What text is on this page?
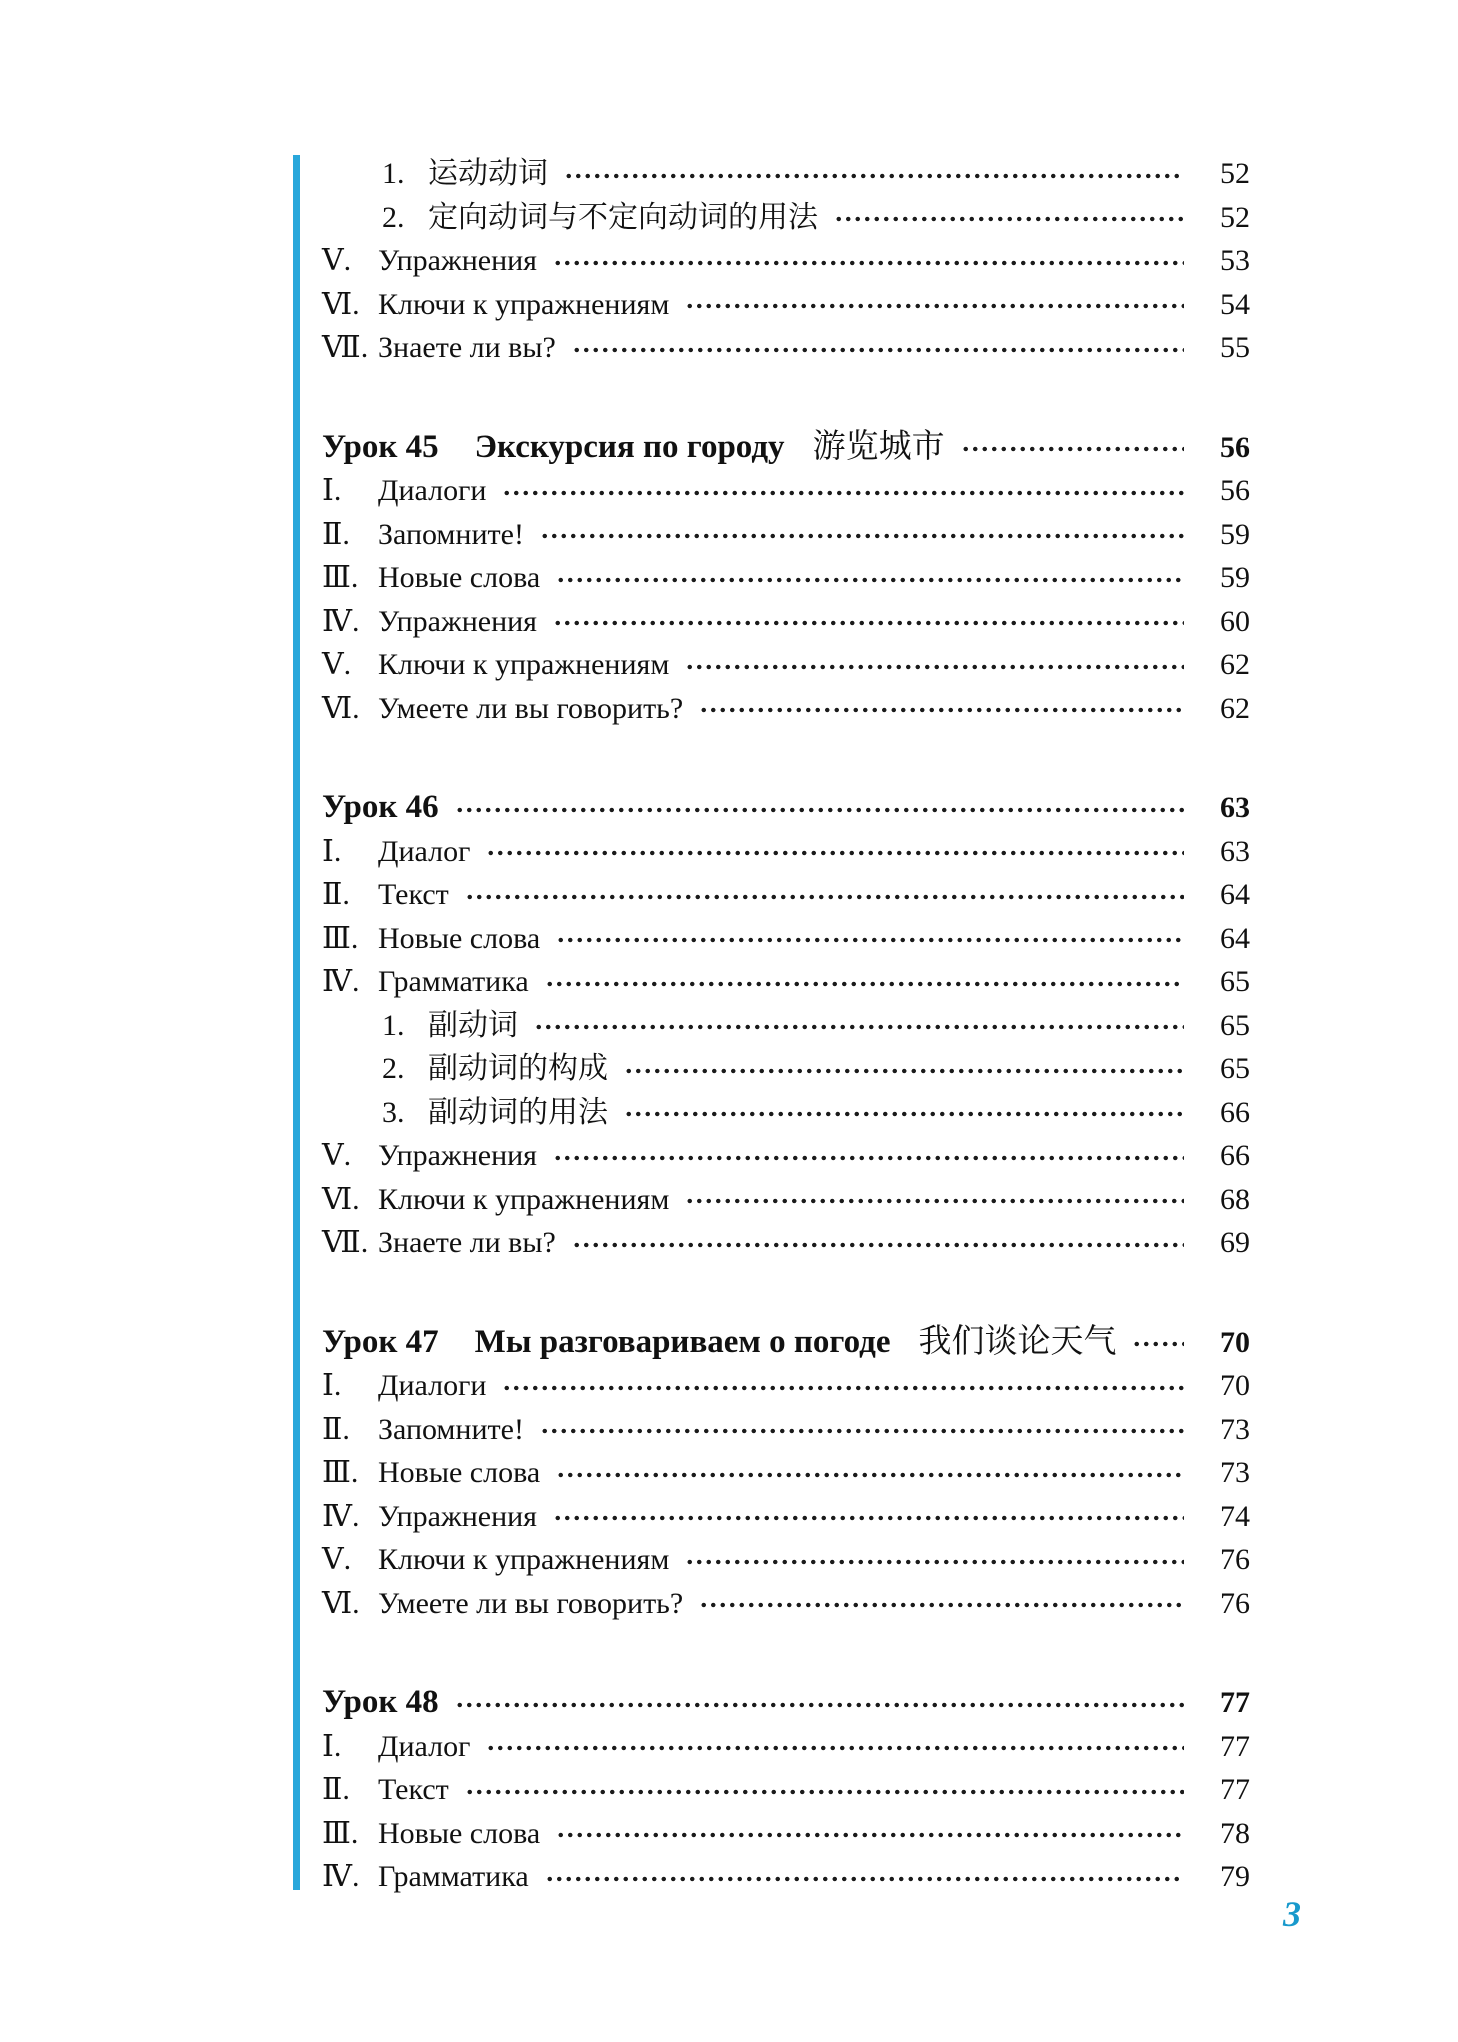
1. 运动动词	52
2. 定向动词与不定向动词的用法	52
Ⅴ. Упражнения	53
Ⅵ. Ключи к упражнениям	54
Ⅶ. Знаете ли вы?	55
Урок 45 Экскурсия по городу 游览城市	56
Ⅰ.	Диалоги	56
Ⅱ. Запомните!	59
Ⅲ. Новые слова	59
Ⅳ. Упражнения	60
Ⅴ. Ключи к упражнениям	62
Ⅵ. Умеете ли вы говорить?	62
Урок 46	63
Ⅰ.	Диалог	63
Ⅱ. Текст	64
Ⅲ. Новые слова	64
Ⅳ. Грамматика	65
1. 副动词	65
2. 副动词的构成	65
3. 副动词的用法	66
Ⅴ. Упражнения	66
Ⅵ. Ключи к упражнениям	68
Ⅶ. Знаете ли вы?	69
Урок 47 Мы разговариваем о погоде 我们谈论天气	70
Ⅰ.	Диалоги	70
Ⅱ. Запомните!	73
Ⅲ. Новые слова	73
Ⅳ. Упражнения	74
Ⅴ. Ключи к упражнениям	76
Ⅵ. Умеете ли вы говорить?	76
Урок 48	77
Ⅰ.	Диалог	77
Ⅱ. Текст	77
Ⅲ. Новые слова	78
Ⅳ. Грамматика	79
3
